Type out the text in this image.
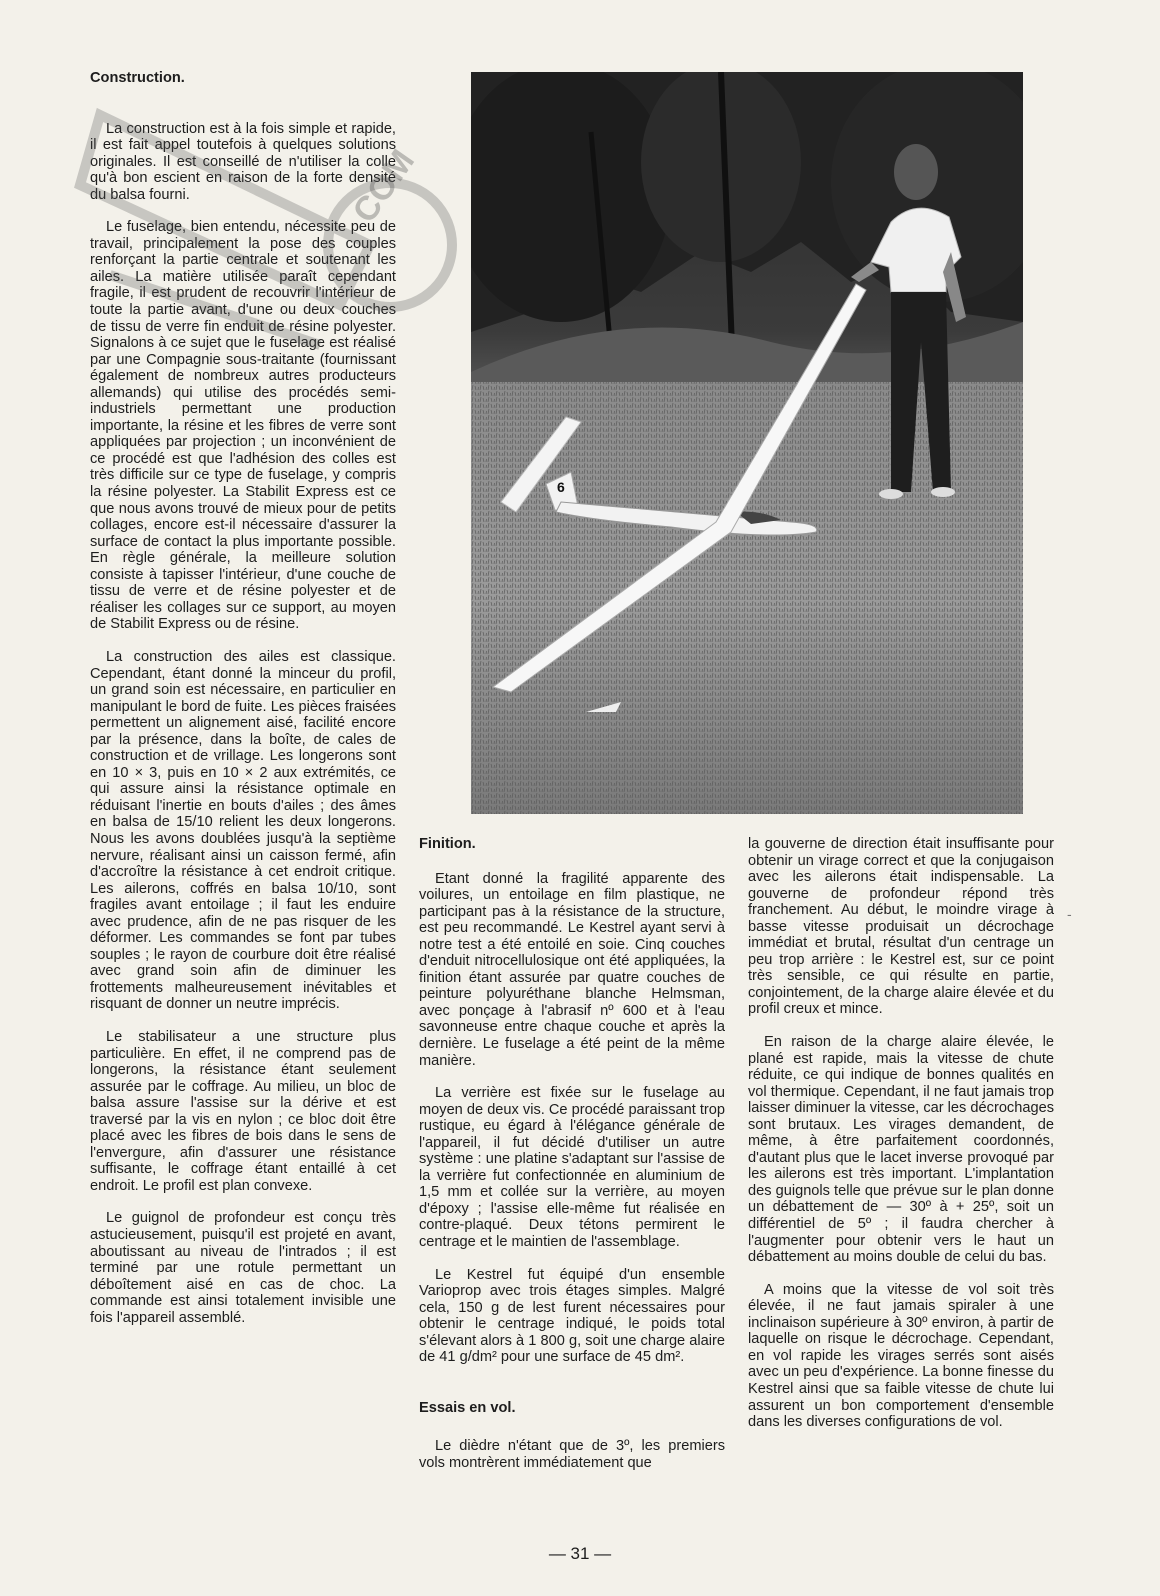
Construction.

La construction est à la fois simple et rapide, il est fait appel toutefois à quelques solutions originales. Il est conseillé de n'utiliser la colle qu'à bon escient en raison de la forte densité du balsa fourni.

Le fuselage, bien entendu, nécessite peu de travail, principalement la pose des couples renforçant la partie centrale et soutenant les ailes. La matière utilisée paraît cependant fragile, il est prudent de recouvrir l'intérieur de toute la partie avant, d'une ou deux couches de tissu de verre fin enduit de résine polyester. Signalons à ce sujet que le fuselage est réalisé par une Compagnie sous-traitante (fournissant également de nombreux autres producteurs allemands) qui utilise des procédés semi-industriels permettant une production importante, la résine et les fibres de verre sont appliquées par projection ; un inconvénient de ce procédé est que l'adhésion des colles est très difficile sur ce type de fuselage, y compris la résine polyester. La Stabilit Express est ce que nous avons trouvé de mieux pour de petits collages, encore est-il nécessaire d'assurer la surface de contact la plus importante possible. En règle générale, la meilleure solution consiste à tapisser l'intérieur, d'une couche de tissu de verre et de résine polyester et de réaliser les collages sur ce support, au moyen de Stabilit Express ou de résine.

La construction des ailes est classique. Cependant, étant donné la minceur du profil, un grand soin est nécessaire, en particulier en manipulant le bord de fuite. Les pièces fraisées permettent un alignement aisé, facilité encore par la présence, dans la boîte, de cales de construction et de vrillage. Les longerons sont en 10 × 3, puis en 10 × 2 aux extrémités, ce qui assure ainsi la résistance optimale en réduisant l'inertie en bouts d'ailes ; des âmes en balsa de 15/10 relient les deux longerons. Nous les avons doublées jusqu'à la septième nervure, réalisant ainsi un caisson fermé, afin d'accroître la résistance à cet endroit critique. Les ailerons, coffrés en balsa 10/10, sont fragiles avant entoilage ; il faut les enduire avec prudence, afin de ne pas risquer de les déformer. Les commandes se font par tubes souples ; le rayon de courbure doit être réalisé avec grand soin afin de diminuer les frottements malheureusement inévitables et risquant de donner un neutre imprécis.

Le stabilisateur a une structure plus particulière. En effet, il ne comprend pas de longerons, la résistance étant seulement assurée par le coffrage. Au milieu, un bloc de balsa assure l'assise sur la dérive et est traversé par la vis en nylon ; ce bloc doit être placé avec les fibres de bois dans le sens de l'envergure, afin d'assurer une résistance suffisante, le coffrage étant entaillé à cet endroit. Le profil est plan convexe.

Le guignol de profondeur est conçu très astucieusement, puisqu'il est projeté en avant, aboutissant au niveau de l'intrados ; il est terminé par une rotule permettant un déboîtement aisé en cas de choc. La commande est ainsi totalement invisible une fois l'appareil assemblé.

6
Finition.

Etant donné la fragilité apparente des voilures, un entoilage en film plastique, ne participant pas à la résistance de la structure, est peu recommandé. Le Kestrel ayant servi à notre test a été entoilé en soie. Cinq couches d'enduit nitrocellulosique ont été appliquées, la finition étant assurée par quatre couches de peinture polyuréthane blanche Helmsman, avec ponçage à l'abrasif nº 600 et à l'eau savonneuse entre chaque couche et après la dernière. Le fuselage a été peint de la même manière.

La verrière est fixée sur le fuselage au moyen de deux vis. Ce procédé paraissant trop rustique, eu égard à l'élégance générale de l'appareil, il fut décidé d'utiliser un autre système : une platine s'adaptant sur l'assise de la verrière fut confectionnée en aluminium de 1,5 mm et collée sur la verrière, au moyen d'époxy ; l'assise elle-même fut réalisée en contre-plaqué. Deux tétons permirent le centrage et le maintien de l'assemblage.

Le Kestrel fut équipé d'un ensemble Varioprop avec trois étages simples. Malgré cela, 150 g de lest furent nécessaires pour obtenir le centrage indiqué, le poids total s'élevant alors à 1 800 g, soit une charge alaire de 41 g/dm² pour une surface de 45 dm².

Essais en vol.

Le dièdre n'étant que de 3º, les premiers vols montrèrent immédiatement que

la gouverne de direction était insuffisante pour obtenir un virage correct et que la conjugaison avec les ailerons était indispensable. La gouverne de profondeur répond très franchement. Au début, le moindre virage à basse vitesse produisait un décrochage immédiat et brutal, résultat d'un centrage un peu trop arrière : le Kestrel est, sur ce point très sensible, ce qui résulte en partie, conjointement, de la charge alaire élevée et du profil creux et mince.

En raison de la charge alaire élevée, le plané est rapide, mais la vitesse de chute réduite, ce qui indique de bonnes qualités en vol thermique. Cependant, il ne faut jamais trop laisser diminuer la vitesse, car les décrochages sont brutaux. Les virages demandent, de même, à être parfaitement coordonnés, d'autant plus que le lacet inverse provoqué par les ailerons est très important. L'implantation des guignols telle que prévue sur le plan donne un débattement de — 30º à + 25º, soit un différentiel de 5º ; il faudra chercher à l'augmenter pour obtenir vers le haut un débattement au moins double de celui du bas.

A moins que la vitesse de vol soit très élevée, il ne faut jamais spiraler à une inclinaison supérieure à 30º environ, à partir de laquelle on risque le décrochage. Cependant, en vol rapide les virages serrés sont aisés avec un peu d'expérience. La bonne finesse du Kestrel ainsi que sa faible vitesse de chute lui assurent un bon comportement d'ensemble dans les diverses configurations de vol.

-
COM
— 31 —
